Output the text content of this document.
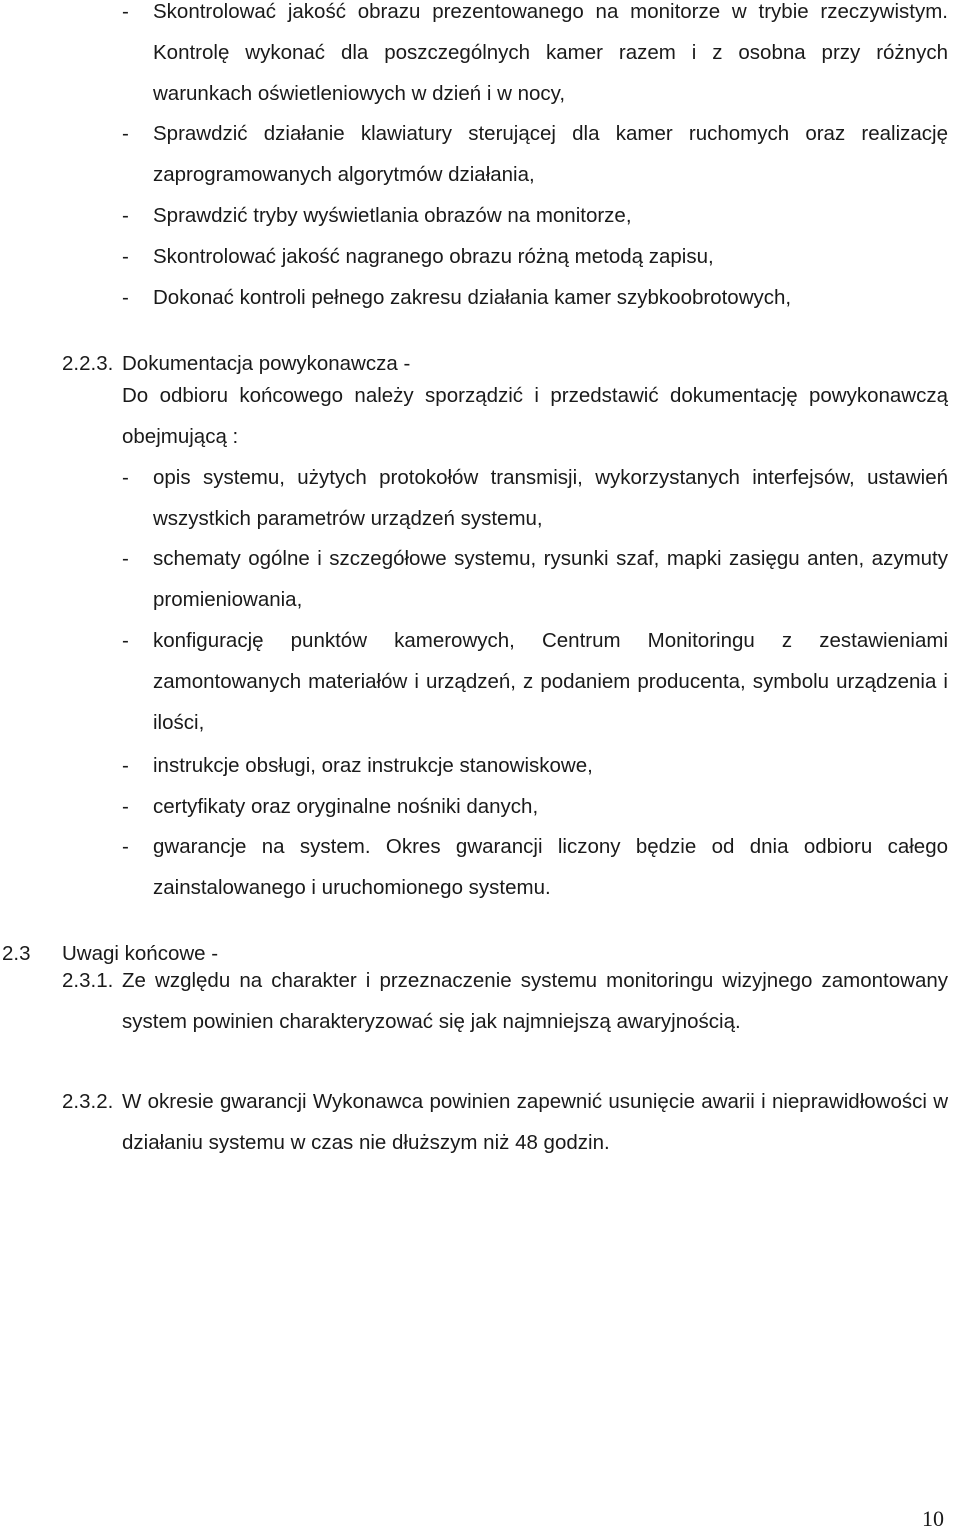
- Skontrolować jakość obrazu prezentowanego na monitorze w trybie rzeczywistym. Kontrolę wykonać dla poszczególnych kamer razem i z osobna przy różnych warunkach oświetleniowych w dzień i w nocy,
- Sprawdzić działanie klawiatury sterującej dla kamer ruchomych oraz realizację zaprogramowanych algorytmów działania,
- Sprawdzić tryby wyświetlania obrazów na monitorze,
- Skontrolować jakość nagranego obrazu różną metodą zapisu,
- Dokonać kontroli pełnego zakresu działania kamer szybkoobrotowych,
2.2.3. Dokumentacja powykonawcza -
Do odbioru końcowego należy sporządzić i przedstawić dokumentację powykonawczą obejmującą :
- opis systemu, użytych protokołów transmisji, wykorzystanych interfejsów, ustawień wszystkich parametrów urządzeń systemu,
- schematy ogólne i szczegółowe systemu, rysunki szaf, mapki zasięgu anten, azymuty promieniowania,
- konfigurację punktów kamerowych, Centrum Monitoringu z zestawieniami zamontowanych materiałów i urządzeń, z podaniem producenta, symbolu urządzenia i ilości,
- instrukcje obsługi, oraz instrukcje stanowiskowe,
- certyfikaty oraz oryginalne nośniki danych,
- gwarancje na system. Okres gwarancji liczony będzie od dnia odbioru całego zainstalowanego i uruchomionego systemu.
2.3 Uwagi końcowe -
2.3.1. Ze względu na charakter i przeznaczenie systemu monitoringu wizyjnego zamontowany system powinien charakteryzować się jak najmniejszą awaryjnością.
2.3.2. W okresie gwarancji Wykonawca powinien zapewnić usunięcie awarii i nieprawidłowości w działaniu systemu w czas nie dłuższym niż 48 godzin.
10
